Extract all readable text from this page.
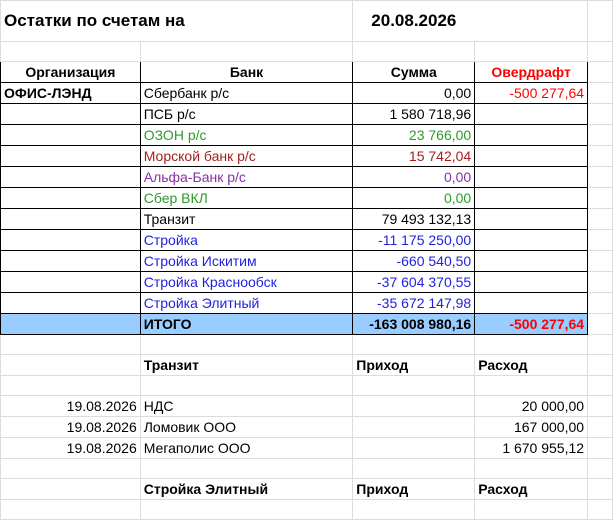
Остатки по счетам на		20.08.2026		

Организация	Банк	Сумма	Овердрафт	
ОФИС-ЛЭНД	Сбербанк р/с	0,00	-500 277,64	
	ПСБ р/с	1 580 718,96		
	ОЗОН р/с	23 766,00		
	Морской банк р/с	15 742,04		
	Альфа-Банк р/с	0,00		
	Сбер ВКЛ	0,00		
	Транзит	79 493 132,13		
	Стройка	-11 175 250,00		
	Стройка Искитим	-660 540,50		
	Стройка Краснообск	-37 604 370,55		
	Стройка Элитный	-35 672 147,98		
	ИТОГО	-163 008 980,16	-500 277,64	

	Транзит	Приход	Расход	

19.08.2026	НДС		20 000,00	
19.08.2026	Ломовик ООО		167 000,00	
19.08.2026	Мегаполис ООО		1 670 955,12	

	Стройка Элитный	Приход	Расход	
